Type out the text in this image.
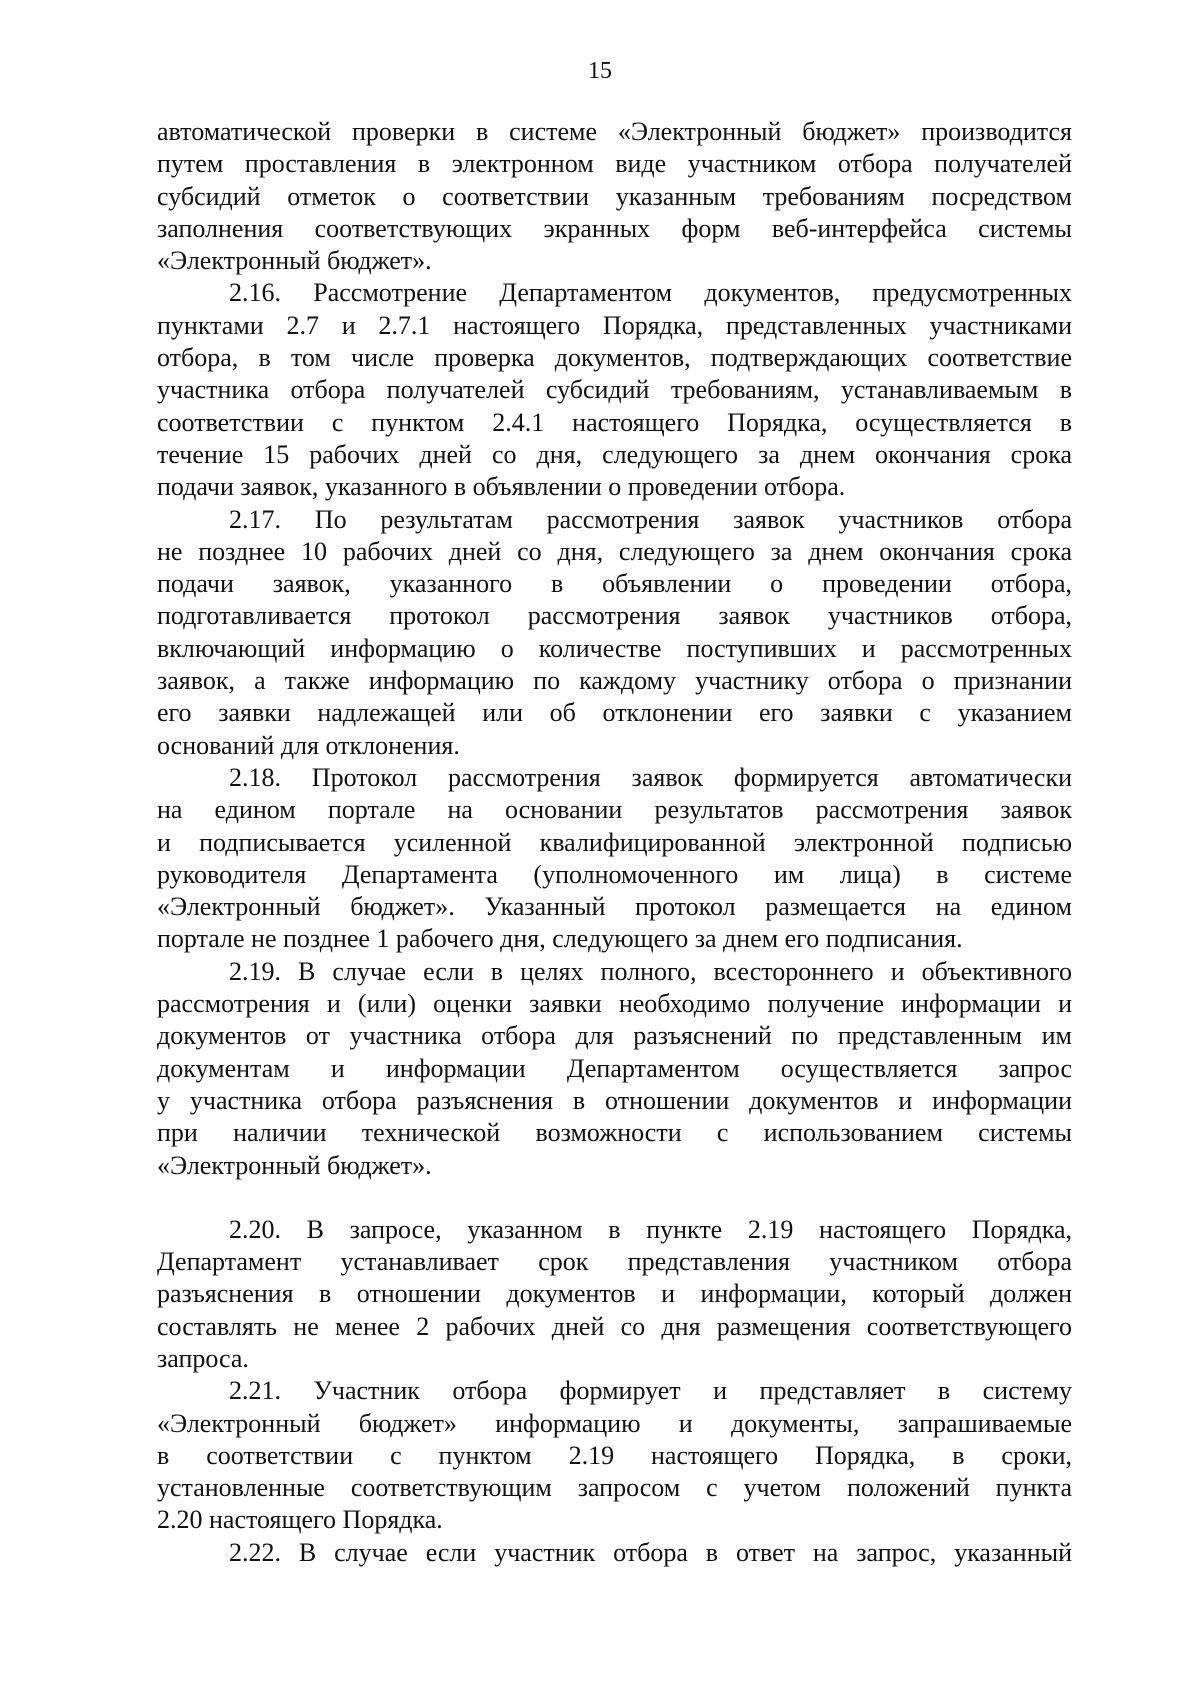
15
автоматической проверки в системе «Электронный бюджет» производится
путем проставления в электронном виде участником отбора получателей
субсидий отметок о соответствии указанным требованиям посредством
заполнения соответствующих экранных форм веб-интерфейса системы
«Электронный бюджет».
2.16. Рассмотрение Департаментом документов, предусмотренных
пунктами 2.7 и 2.7.1 настоящего Порядка, представленных участниками
отбора, в том числе проверка документов, подтверждающих соответствие
участника отбора получателей субсидий требованиям, устанавливаемым в
соответствии с пунктом 2.4.1 настоящего Порядка, осуществляется в
течение 15 рабочих дней со дня, следующего за днем окончания срока
подачи заявок, указанного в объявлении о проведении отбора.
2.17. По результатам рассмотрения заявок участников отбора
не позднее 10 рабочих дней со дня, следующего за днем окончания срока
подачи заявок, указанного в объявлении о проведении отбора,
подготавливается протокол рассмотрения заявок участников отбора,
включающий информацию о количестве поступивших и рассмотренных
заявок, а также информацию по каждому участнику отбора о признании
его заявки надлежащей или об отклонении его заявки с указанием
оснований для отклонения.
2.18. Протокол рассмотрения заявок формируется автоматически
на едином портале на основании результатов рассмотрения заявок
и подписывается усиленной квалифицированной электронной подписью
руководителя Департамента (уполномоченного им лица) в системе
«Электронный бюджет». Указанный протокол размещается на едином
портале не позднее 1 рабочего дня, следующего за днем его подписания.
2.19. В случае если в целях полного, всестороннего и объективного
рассмотрения и (или) оценки заявки необходимо получение информации и
документов от участника отбора для разъяснений по представленным им
документам и информации Департаментом осуществляется запрос
у участника отбора разъяснения в отношении документов и информации
при наличии технической возможности с использованием системы
«Электронный бюджет».
2.20. В запросе, указанном в пункте 2.19 настоящего Порядка,
Департамент устанавливает срок представления участником отбора
разъяснения в отношении документов и информации, который должен
составлять не менее 2 рабочих дней со дня размещения соответствующего
запроса.
2.21. Участник отбора формирует и представляет в систему
«Электронный бюджет» информацию и документы, запрашиваемые
в соответствии с пунктом 2.19 настоящего Порядка, в сроки,
установленные соответствующим запросом с учетом положений пункта
2.20 настоящего Порядка.
2.22. В случае если участник отбора в ответ на запрос, указанный
